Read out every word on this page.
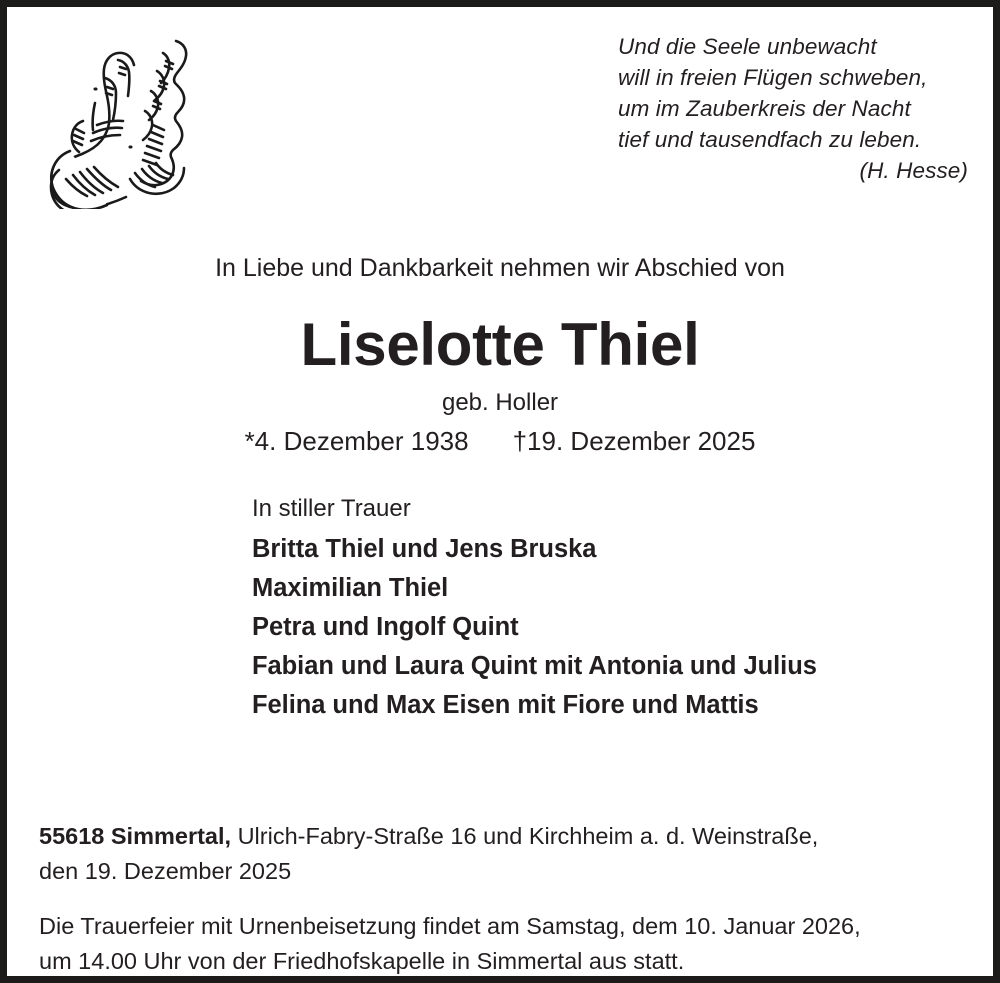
Und die Seele unbewacht
will in freien Flügen schweben,
um im Zauberkreis der Nacht
tief und tausendfach zu leben.
(H. Hesse)
In Liebe und Dankbarkeit nehmen wir Abschied von
Liselotte Thiel
geb. Holler
*4. Dezember 1938 †19. Dezember 2025
In stiller Trauer
Britta Thiel und Jens Bruska
Maximilian Thiel
Petra und Ingolf Quint
Fabian und Laura Quint mit Antonia und Julius
Felina und Max Eisen mit Fiore und Mattis

55618 Simmertal, Ulrich-Fabry-Straße 16 und Kirchheim a. d. Weinstraße,
den 19. Dezember 2025

Die Trauerfeier mit Urnenbeisetzung findet am Samstag, dem 10. Januar 2026,
um 14.00 Uhr von der Friedhofskapelle in Simmertal aus statt.
